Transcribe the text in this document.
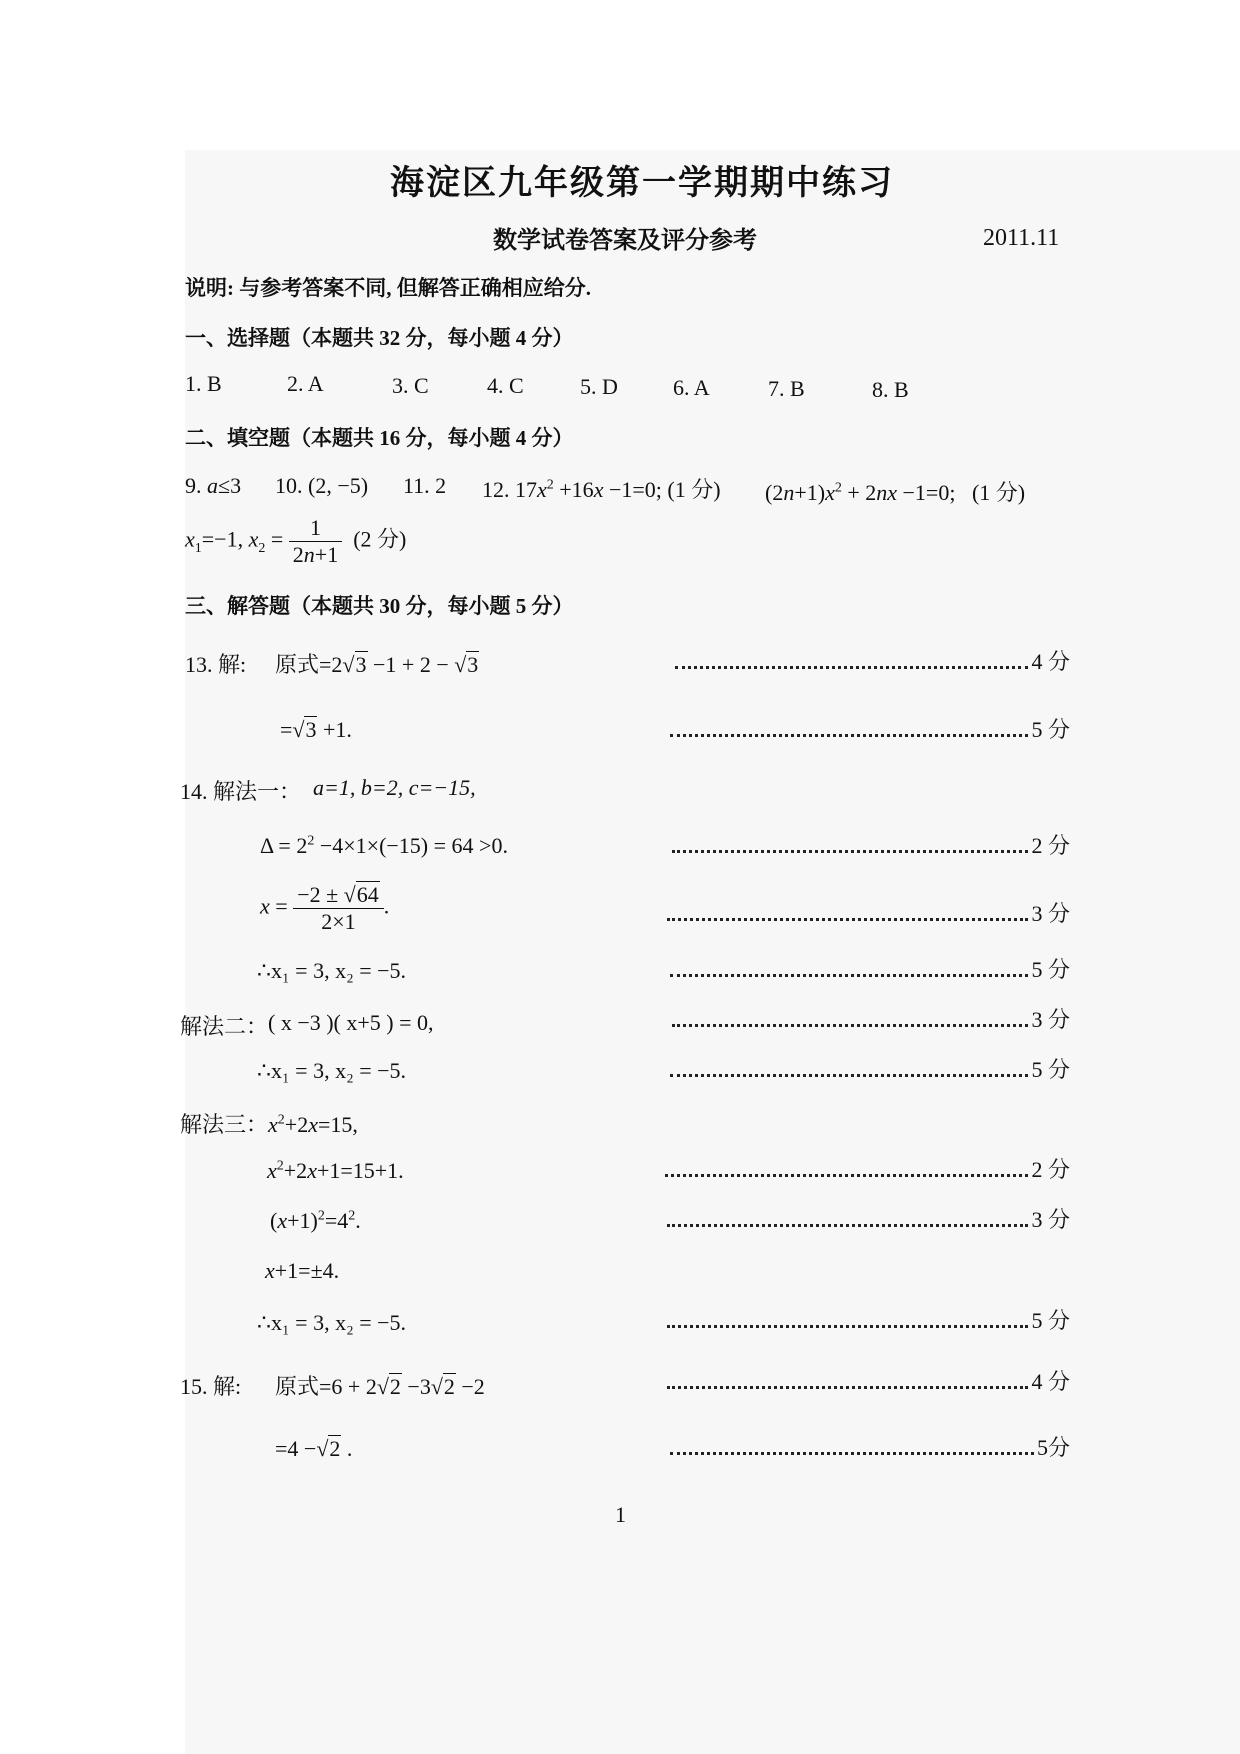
海淀区九年级第一学期期中练习
数学试卷答案及评分参考	2011.11
说明: 与参考答案不同, 但解答正确相应给分.
一、选择题（本题共 32 分，每小题 4 分）
1. B	2. A	3. C	4. C	5. D	6. A	7. B	8. B
二、填空题（本题共 16 分，每小题 4 分）
9. a≤3 10. (2, −5) 11. 2 12. $17x^2 +16x -1=0$; (1 分) $(2n+1)x^2 + 2nx -1=0$;   (1 分)
$x_1=-1$, $x_2 = \frac{1}{2n+1} (2$ 分)
三、解答题（本题共 30 分，每小题 5 分）
13. 解: 原式=2√3 −1 + 2 − √3	4 分
=√3 +1.	5 分
14. 解法一： a=1, b=2, c=−15,
$\Delta = 2^2 -4\times 1\times(-15) = 64 >0$.	2 分
$x = \frac{-2 \pm √64}{2\times 1}$ .	3 分
∴x₁ = 3, x₂ = −5.	5 分
解法二： ( x −3 )( x+5 ) = 0,	3 分
∴x₁ = 3, x₂ = −5.	5 分
解法三：$x^2+2x=15$,
$x^2+2x+1=15+1$.	2 分
$(x+1)^2=4^2$.	3 分
x+1=±4.
∴x₁ = 3, x₂ = −5.	5 分
15. 解: 原式=6 + 2√2 −3√2 −2	4 分
=4 −√2 .	5分
1
